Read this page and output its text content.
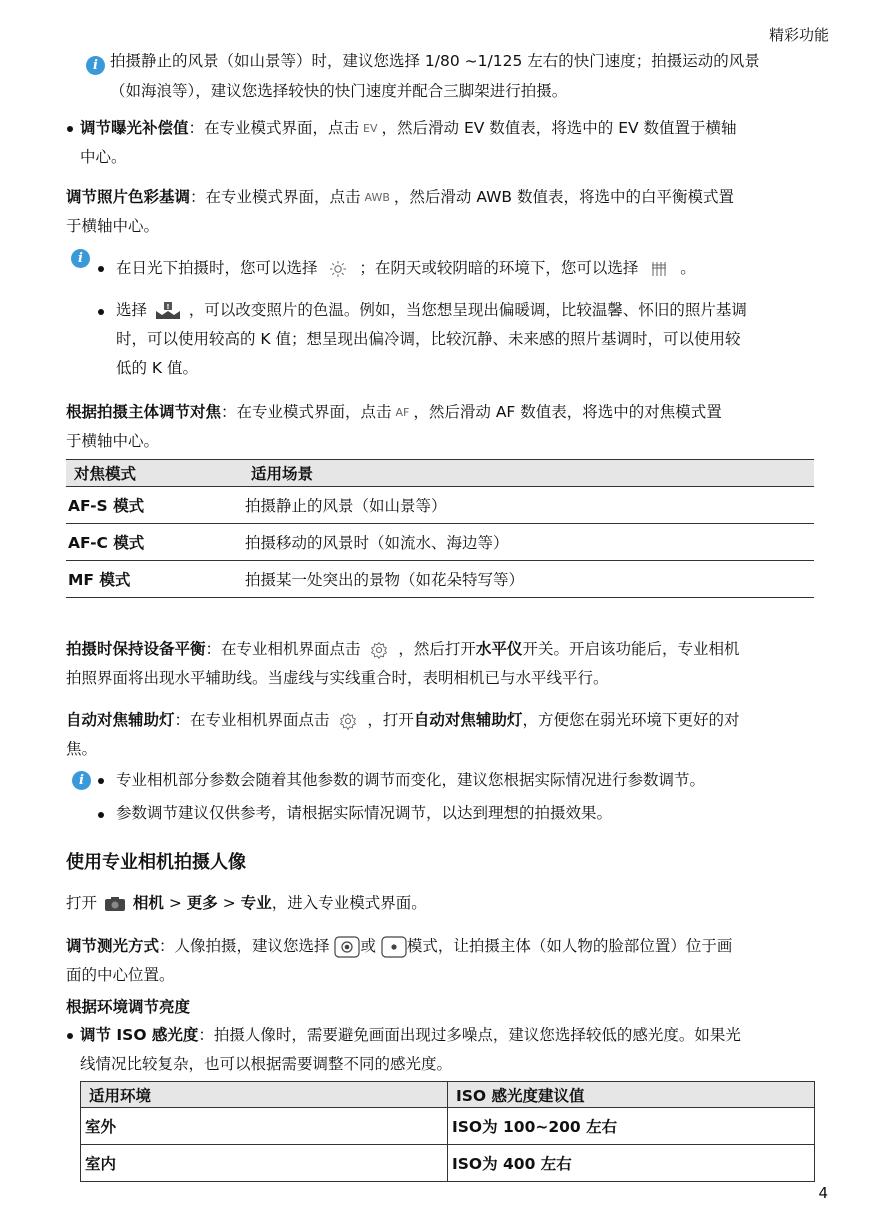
精彩功能
i 拍摄静止的风景（如山景等）时，建议您选择 1/80 ~1/125 左右的快门速度；拍摄运动的风景
（如海浪等），建议您选择较快的快门速度并配合三脚架进行拍摄。
调节曝光补偿值：在专业模式界面，点击 EV ，然后滑动 EV 数值表，将选中的 EV 数值置于横轴
中心。
调节照片色彩基调：在专业模式界面，点击 AWB ，然后滑动 AWB 数值表，将选中的白平衡模式置
于横轴中心。
i
在日光下拍摄时，您可以选择	；在阴天或较阴暗的环境下，您可以选择	。
选择	! ，可以改变照片的色温。例如，当您想呈现出偏暖调，比较温馨、怀旧的照片基调
时，可以使用较高的 K 值；想呈现出偏冷调，比较沉静、未来感的照片基调时，可以使用较
低的 K 值。
根据拍摄主体调节对焦：在专业模式界面，点击 AF ，然后滑动 AF 数值表，将选中的对焦模式置
于横轴中心。
对焦模式	适用场景
AF-S 模式	拍摄静止的风景（如山景等）
AF-C 模式	拍摄移动的风景时（如流水、海边等）
MF 模式	拍摄某一处突出的景物（如花朵特写等）
拍摄时保持设备平衡：在专业相机界面点击 ，然后打开水平仪开关。开启该功能后，专业相机
拍照界面将出现水平辅助线。当虚线与实线重合时，表明相机已与水平线平行。
自动对焦辅助灯：在专业相机界面点击 ，打开自动对焦辅助灯，方便您在弱光环境下更好的对
焦。
i	专业相机部分参数会随着其他参数的调节而变化，建议您根据实际情况进行参数调节。
参数调节建议仅供参考，请根据实际情况调节，以达到理想的拍摄效果。
使用专业相机拍摄人像
打开 相机 > 更多 > 专业，进入专业模式界面。
调节测光方式：人像拍摄，建议您选择 或 模式，让拍摄主体（如人物的脸部位置）位于画
面的中心位置。
根据环境调节亮度
调节 ISO 感光度：拍摄人像时，需要避免画面出现过多噪点，建议您选择较低的感光度。如果光
线情况比较复杂，也可以根据需要调整不同的感光度。
适用环境	ISO 感光度建议值
室外	ISO为 100~200 左右
室内	ISO为 400 左右
4
